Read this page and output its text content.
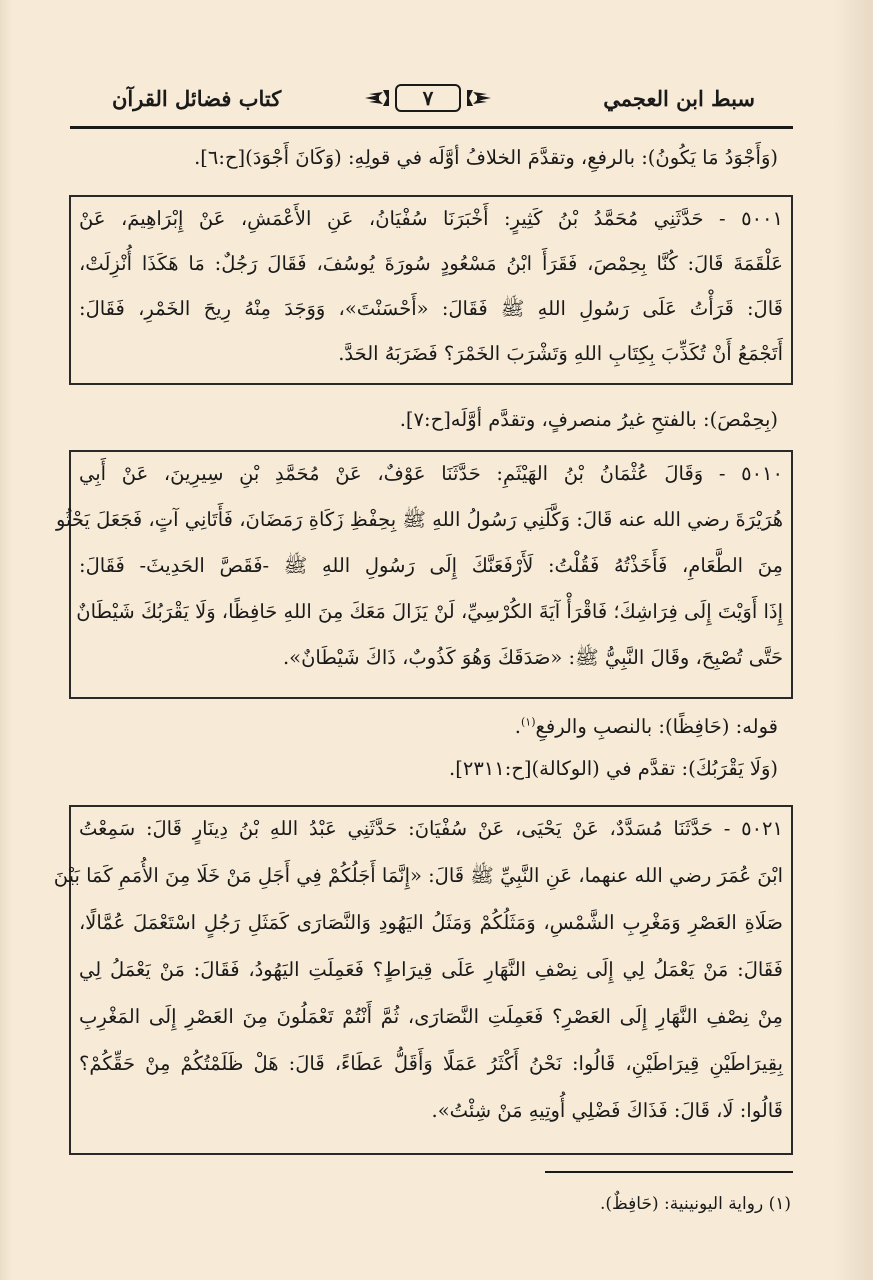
كتاب فضائل القرآن	٧	سبط ابن العجمي
(وَأَجْوَدُ مَا يَكُونُ): بالرفعِ، وتقدَّمَ الخلافُ أوَّلَه في قولِهِ: (وَكَانَ أَجْوَدَ)[ح:٦].
٥٠٠١ - حَدَّثَنِي مُحَمَّدُ بْنُ كَثِيرٍ: أَخْبَرَنَا سُفْيَانُ، عَنِ الأَعْمَشِ، عَنْ إِبْرَاهِيمَ، عَنْ
عَلْقَمَةَ قَالَ: كُنَّا بِحِمْصَ، فَقَرَأَ ابْنُ مَسْعُودٍ سُورَةَ يُوسُفَ، فَقَالَ رَجُلٌ: مَا هَكَذَا أُنْزِلَتْ،
قَالَ: قَرَأْتُ عَلَى رَسُولِ اللهِ ﷺ فَقَالَ: «أَحْسَنْتَ»، وَوَجَدَ مِنْهُ رِيحَ الخَمْرِ، فَقَالَ:
أَتَجْمَعُ أَنْ تُكَذِّبَ بِكِتَابِ اللهِ وَتَشْرَبَ الخَمْرَ؟ فَضَرَبَهُ الحَدَّ.
(بِحِمْصَ): بالفتحِ غيرُ منصرفٍ، وتقدَّم أوَّلَه[ح:٧].
٥٠١٠ - وَقَالَ عُثْمَانُ بْنُ الهَيْثَمِ: حَدَّثَنَا عَوْفٌ، عَنْ مُحَمَّدِ بْنِ سِيرِينَ، عَنْ أَبِي
هُرَيْرَةَ رضي الله عنه قَالَ: وَكَّلَنِي رَسُولُ اللهِ ﷺ بِحِفْظِ زَكَاةِ رَمَضَانَ، فَأَتَانِي آتٍ، فَجَعَلَ يَحْثُو
مِنَ الطَّعَامِ، فَأَخَذْتُهُ فَقُلْتُ: لَأَرْفَعَنَّكَ إِلَى رَسُولِ اللهِ ﷺ -فَقَصَّ الحَدِيثَ- فَقَالَ:
إِذَا أَوَيْتَ إِلَى فِرَاشِكَ؛ فَاقْرَأْ آيَةَ الكُرْسِيِّ، لَنْ يَزَالَ مَعَكَ مِنَ اللهِ حَافِظًا، وَلَا يَقْرَبُكَ شَيْطَانٌ
حَتَّى تُصْبِحَ، وقَالَ النَّبِيُّ ﷺ: «صَدَقَكَ وَهُوَ كَذُوبٌ، ذَاكَ شَيْطَانٌ».
قوله: (حَافِظًا): بالنصبِ والرفعِ$^{(١)}$.
(وَلَا يَقْرَبُكَ): تقدَّم في (الوكالة)[ح:٢٣١١].
٥٠٢١ - حَدَّثَنَا مُسَدَّدٌ، عَنْ يَحْيَى، عَنْ سُفْيَانَ: حَدَّثَنِي عَبْدُ اللهِ بْنُ دِينَارٍ قَالَ: سَمِعْتُ
ابْنَ عُمَرَ رضي الله عنهما، عَنِ النَّبِيِّ ﷺ قَالَ: «إِنَّمَا أَجَلُكُمْ فِي أَجَلِ مَنْ خَلَا مِنَ الأُمَمِ كَمَا بَيْنَ
صَلَاةِ العَصْرِ وَمَغْرِبِ الشَّمْسِ، وَمَثَلُكُمْ وَمَثَلُ اليَهُودِ وَالنَّصَارَى كَمَثَلِ رَجُلٍ اسْتَعْمَلَ عُمَّالًا،
فَقَالَ: مَنْ يَعْمَلُ لِي إِلَى نِصْفِ النَّهَارِ عَلَى قِيرَاطٍ؟ فَعَمِلَتِ اليَهُودُ، فَقَالَ: مَنْ يَعْمَلُ لِي
مِنْ نِصْفِ النَّهَارِ إِلَى العَصْرِ؟ فَعَمِلَتِ النَّصَارَى، ثُمَّ أَنْتُمْ تَعْمَلُونَ مِنَ العَصْرِ إِلَى المَغْرِبِ
بِقِيرَاطَيْنِ قِيرَاطَيْنِ، قَالُوا: نَحْنُ أَكْثَرُ عَمَلًا وَأَقَلُّ عَطَاءً، قَالَ: هَلْ ظَلَمْتُكُمْ مِنْ حَقِّكُمْ؟
قَالُوا: لَا، قَالَ: فَذَاكَ فَضْلِي أُوتِيهِ مَنْ شِئْتُ».
(١) رواية اليونينية: (حَافِظٌ).
